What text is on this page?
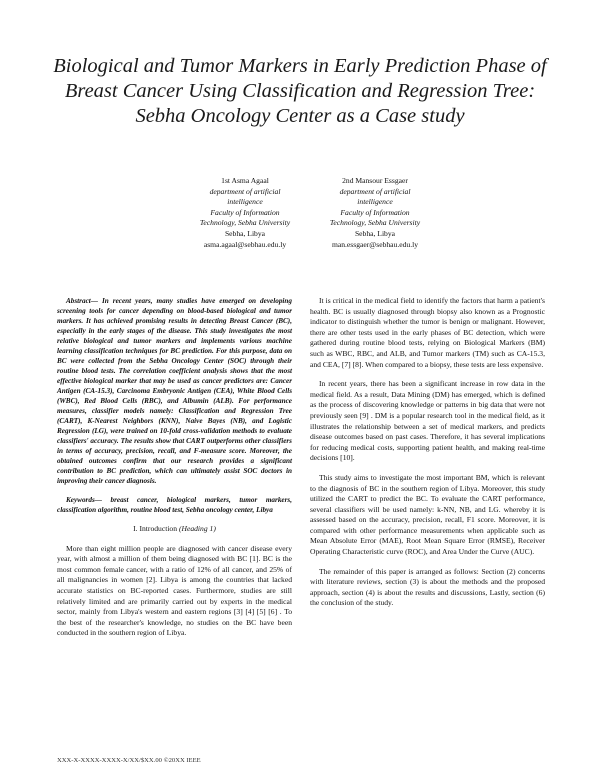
Biological and Tumor Markers in Early Prediction Phase of Breast Cancer Using Classification and Regression Tree: Sebha Oncology Center as a Case study
1st Asma Agaal
department of artificial
intelligence
Faculty of Information
Technology, Sebha University
Sebha, Libya
asma.agaal@sebhau.edu.ly
2nd Mansour Essgaer
department of artificial
intelligence
Faculty of Information
Technology, Sebha University
Sebha, Libya
man.essgaer@sebhau.edu.ly

Abstract— In recent years, many studies have emerged on developing screening tools for cancer depending on blood-based biological and tumor markers. It has achieved promising results in detecting Breast Cancer (BC), especially in the early stages of the disease. This study investigates the most relative biological and tumor markers and implements various machine learning classification techniques for BC prediction. For this purpose, data on BC were collected from the Sebha Oncology Center (SOC) through their routine blood tests. The correlation coefficient analysis shows that the most effective biological marker that may be used as cancer predictors are: Cancer Antigen (CA-15.3), Carcinoma Embryonic Antigen (CEA), White Blood Cells (WBC), Red Blood Cells (RBC), and Albumin (ALB). For performance measures, classifier models namely: Classification and Regression Tree (CART), K-Nearest Neighbors (KNN), Naive Bayes (NB), and Logistic Regression (LG), were trained on 10-fold cross-validation methods to evaluate classifiers' accuracy. The results show that CART outperforms other classifiers in terms of accuracy, precision, recall, and F-measure score. Moreover, the obtained outcomes confirm that our research provides a significant contribution to BC prediction, which can ultimately assist SOC doctors in improving their cancer diagnosis.

Keywords— breast cancer, biological markers, tumor markers, classification algorithm, routine blood test, Sebha oncology center, Libya

I. Introduction (Heading 1)

More than eight million people are diagnosed with cancer disease every year, with almost a million of them being diagnosed with BC [1]. BC is the most common female cancer, with a ratio of 12% of all cancer, and 25% of all malignancies in women [2]. Libya is among the countries that lacked accurate statistics on BC-reported cases. Furthermore, studies are still relatively limited and are primarily carried out by experts in the medical sector, mainly from Libya's western and eastern regions [3] [4] [5] [6] . To the best of the researcher's knowledge, no studies on the BC have been conducted in the southern region of Libya.

It is critical in the medical field to identify the factors that harm a patient's health. BC is usually diagnosed through biopsy also known as a Prognostic indicator to distinguish whether the tumor is benign or malignant. However, there are other tests used in the early phases of BC detection, which were gathered during routine blood tests, relying on Biological Markers (BM) such as WBC, RBC, and ALB, and Tumor markers (TM) such as CA-15.3, and CEA, [7] [8]. When compared to a biopsy, these tests are less expensive.

In recent years, there has been a significant increase in row data in the medical field. As a result, Data Mining (DM) has emerged, which is defined as the process of discovering knowledge or patterns in big data that were not previously seen [9] . DM is a popular research tool in the medical field, as it illustrates the relationship between a set of medical markers, and predicts disease outcomes based on past cases. Therefore, it has several implications for reducing medical costs, supporting patient health, and making real-time decisions [10].

This study aims to investigate the most important BM, which is relevant to the diagnosis of BC in the southern region of Libya. Moreover, this study utilized the CART to predict the BC. To evaluate the CART performance, several classifiers will be used namely: k-NN, NB, and LG. whereby it is assessed based on the accuracy, precision, recall, F1 score. Moreover, it is compared with other performance measurements when applicable such as Mean Absolute Error (MAE), Root Mean Square Error (RMSE), Receiver Operating Characteristic curve (ROC), and Area Under the Curve (AUC).

The remainder of this paper is arranged as follows: Section (2) concerns with literature reviews, section (3) is about the methods and the proposed approach, section (4) is about the results and discussions, Lastly, section (6) the conclusion of the study.

XXX-X-XXXX-XXXX-X/XX/$XX.00 ©20XX IEEE
